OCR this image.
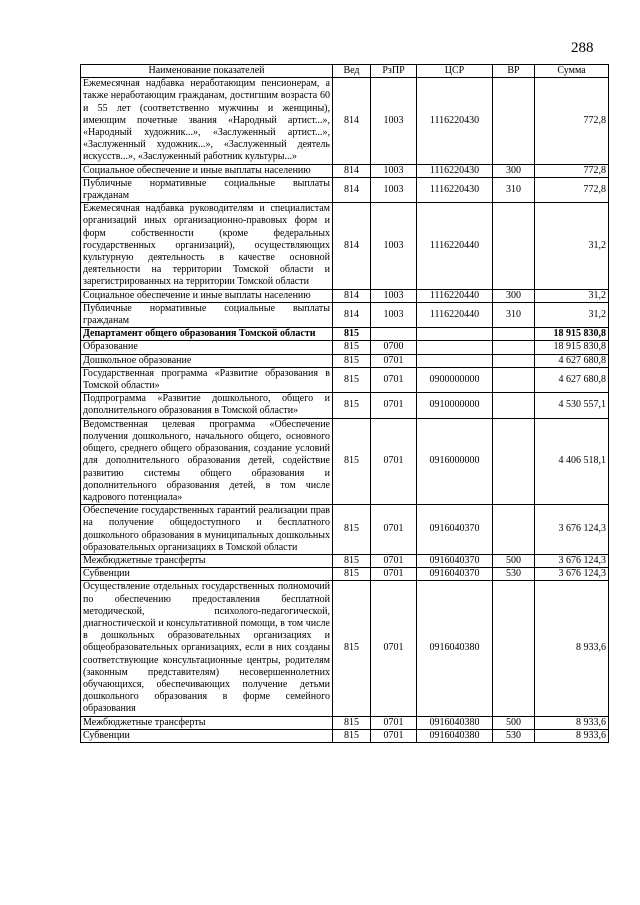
288
Наименование показателей	Вед	РзПР	ЦСР	ВР	Сумма
Ежемесячная надбавка неработающим пенсионерам, а также неработающим гражданам, достигшим возраста 60 и 55 лет (соответственно мужчины и женщины), имеющим почетные звания «Народный артист...», «Народный художник...», «Заслуженный артист...», «Заслуженный художник...», «Заслуженный деятель искусств...», «Заслуженный работник культуры...»	814	1003	1116220430		772,8
Социальное обеспечение и иные выплаты населению	814	1003	1116220430	300	772,8
Публичные нормативные социальные выплаты гражданам	814	1003	1116220430	310	772,8
Ежемесячная надбавка руководителям и специалистам организаций иных организационно-правовых форм и форм собственности (кроме федеральных государственных организаций), осуществляющих культурную деятельность в качестве основной деятельности на территории Томской области и зарегистрированных на территории Томской области	814	1003	1116220440		31,2
Социальное обеспечение и иные выплаты населению	814	1003	1116220440	300	31,2
Публичные нормативные социальные выплаты гражданам	814	1003	1116220440	310	31,2
Департамент общего образования Томской области	815				18 915 830,8
Образование	815	0700			18 915 830,8
Дошкольное образование	815	0701			4 627 680,8
Государственная программа «Развитие образования в Томской области»	815	0701	0900000000		4 627 680,8
Подпрограмма «Развитие дошкольного, общего и дополнительного образования в Томской области»	815	0701	0910000000		4 530 557,1
Ведомственная целевая программа «Обеспечение получения дошкольного, начального общего, основного общего, среднего общего образования, создание условий для дополнительного образования детей, содействие развитию системы общего образования и дополнительного образования детей, в том числе кадрового потенциала»	815	0701	0916000000		4 406 518,1
Обеспечение государственных гарантий реализации прав на получение общедоступного и бесплатного дошкольного образования в муниципальных дошкольных образовательных организациях в Томской области	815	0701	0916040370		3 676 124,3
Межбюджетные трансферты	815	0701	0916040370	500	3 676 124,3
Субвенции	815	0701	0916040370	530	3 676 124,3
Осуществление отдельных государственных полномочий по обеспечению предоставления бесплатной методической, психолого-педагогической, диагностической и консультативной помощи, в том числе в дошкольных образовательных организациях и общеобразовательных организациях, если в них созданы соответствующие консультационные центры, родителям (законным представителям) несовершеннолетних обучающихся, обеспечивающих получение детьми дошкольного образования в форме семейного образования	815	0701	0916040380		8 933,6
Межбюджетные трансферты	815	0701	0916040380	500	8 933,6
Субвенции	815	0701	0916040380	530	8 933,6
